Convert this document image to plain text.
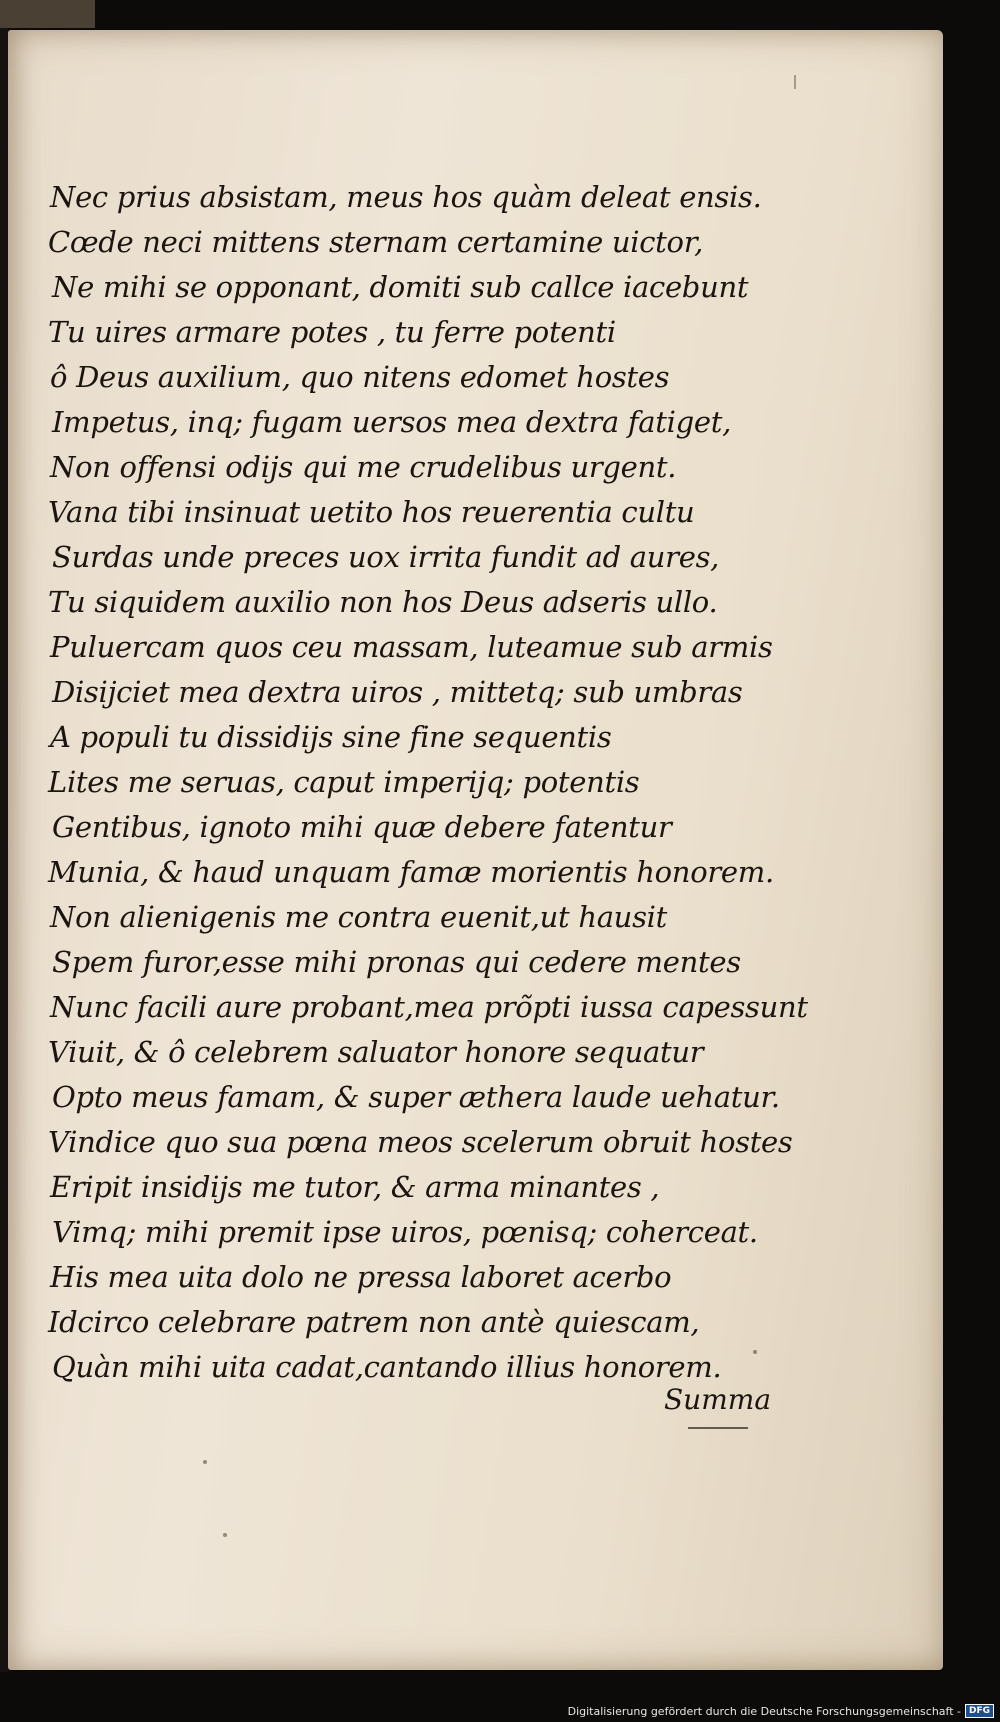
Nec prius absistam, meus hos quàm deleat ensis.

Cœde neci mittens sternam certamine uictor,

Ne mihi se opponant, domiti sub callce iacebunt

Tu uires armare potes , tu ferre potenti

ô Deus auxilium, quo nitens edomet hostes

Impetus, inq; fugam uersos mea dextra fatiget,

Non offensi odijs qui me crudelibus urgent.

Vana tibi insinuat uetito hos reuerentia cultu

Surdas unde preces uox irrita fundit ad aures,

Tu siquidem auxilio non hos Deus adseris ullo.

Puluercam quos ceu massam, luteamue sub armis

Disijciet mea dextra uiros , mittetq; sub umbras

A populi tu dissidijs sine fine sequentis

Lites me seruas, caput imperijq; potentis

Gentibus, ignoto mihi quæ debere fatentur

Munia, & haud unquam famæ morientis honorem.

Non alienigenis me contra euenit,ut hausit

Spem furor,esse mihi pronas qui cedere mentes

Nunc facili aure probant,mea prõpti iussa capessunt

Viuit, & ô celebrem saluator honore sequatur

Opto meus famam, & super æthera laude uehatur.

Vindice quo sua pœna meos scelerum obruit hostes

Eripit insidijs me tutor, & arma minantes ,

Vimq; mihi premit ipse uiros, pœnisq; coherceat.

His mea uita dolo ne pressa laboret acerbo

Idcirco celebrare patrem non antè quiescam,

Quàn mihi uita cadat,cantando illius honorem.

Summa
Digitalisierung gefördert durch die Deutsche Forschungsgemeinschaft - DFG
